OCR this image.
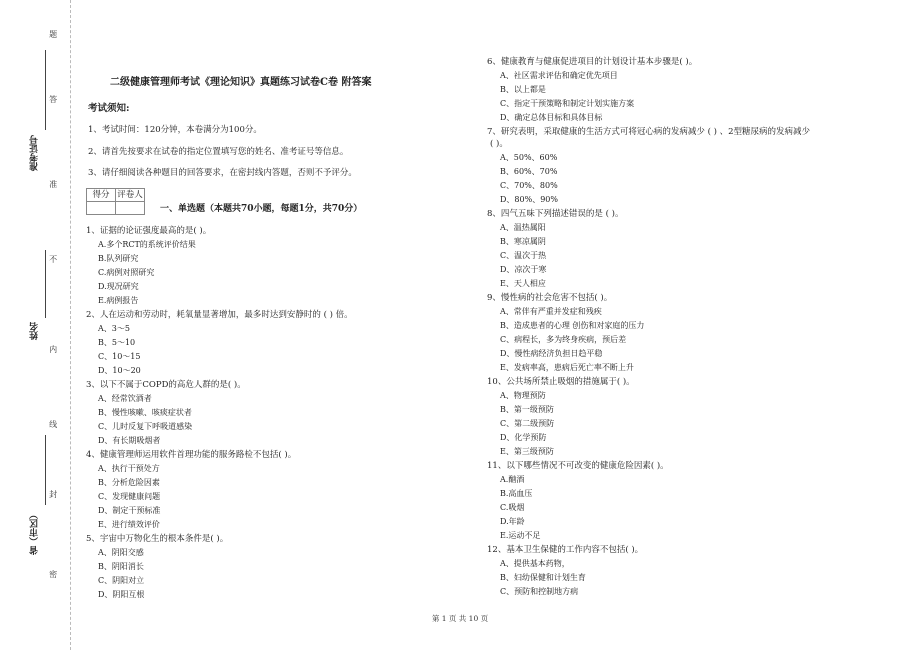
题
答
准
不
内
线
封
密
准考证号
姓名
省（市区）
二级健康管理师考试《理论知识》真题练习试卷C卷 附答案
考试须知:
1、考试时间：120分钟，本卷满分为100分。
2、请首先按要求在试卷的指定位置填写您的姓名、准考证号等信息。
3、请仔细阅读各种题目的回答要求，在密封线内答题，否则不予评分。
得分	评卷人

一、单选题（本题共70小题，每题1分，共70分）
1、证据的论证强度最高的是( )。
A.多个RCT的系统评价结果
B.队列研究
C.病例对照研究
D.现况研究
E.病例报告
2、人在运动和劳动时，耗氧量显著增加，最多时达到安静时的 ( ) 倍。
A、3～5
B、5～10
C、10～15
D、10～20
3、以下不属于COPD的高危人群的是( )。
A、经常饮酒者
B、慢性咳嗽、咳痰症状者
C、儿时反复下呼吸道感染
D、有长期吸烟者
4、健康管理师运用软件首理功能的服务路检不包括( )。
A、执行干预处方
B、分析危险因素
C、发现健康问题
D、制定干预标准
E、进行绩效评价
5、宇宙中万物化生的根本条件是( )。
A、阴阳交感
B、阴阳消长
C、阴阳对立
D、阴阳互根
6、健康教育与健康促进项目的计划设计基本步骤是( )。
A、社区需求评估和确定优先项目
B、以上都是
C、指定干预策略和制定计划实施方案
D、确定总体目标和具体目标
7、研究表明，采取健康的生活方式可将冠心病的发病减少 ( ) 、2型糖尿病的发病减少
( )。
A、50%、60%
B、60%、70%
C、70%、80%
D、80%、90%
8、四气五味下列描述错误的是 ( )。
A、温热属阳
B、寒凉属阴
C、温次于热
D、凉次于寒
E、天人相应
9、慢性病的社会危害不包括( )。
A、常伴有严重并发症和残疾
B、造成患者的心理 创伤和对家庭的压力
C、病程长，多为终身疾病，预后差
D、慢性病经济负担日趋平稳
E、发病率高，患病后死亡率不断上升
10、公共场所禁止吸烟的措施属于( )。
A、物理预防
B、第一级预防
C、第二级预防
D、化学预防
E、第三级预防
11、以下哪些情况不可改变的健康危险因素( )。
A.酗酒
B.高血压
C.吸烟
D.年龄
E.运动不足
12、基本卫生保健的工作内容不包括( )。
A、提供基本药物，
B、妇幼保健和计划生育
C、预防和控制地方病
第 1 页 共 10 页
